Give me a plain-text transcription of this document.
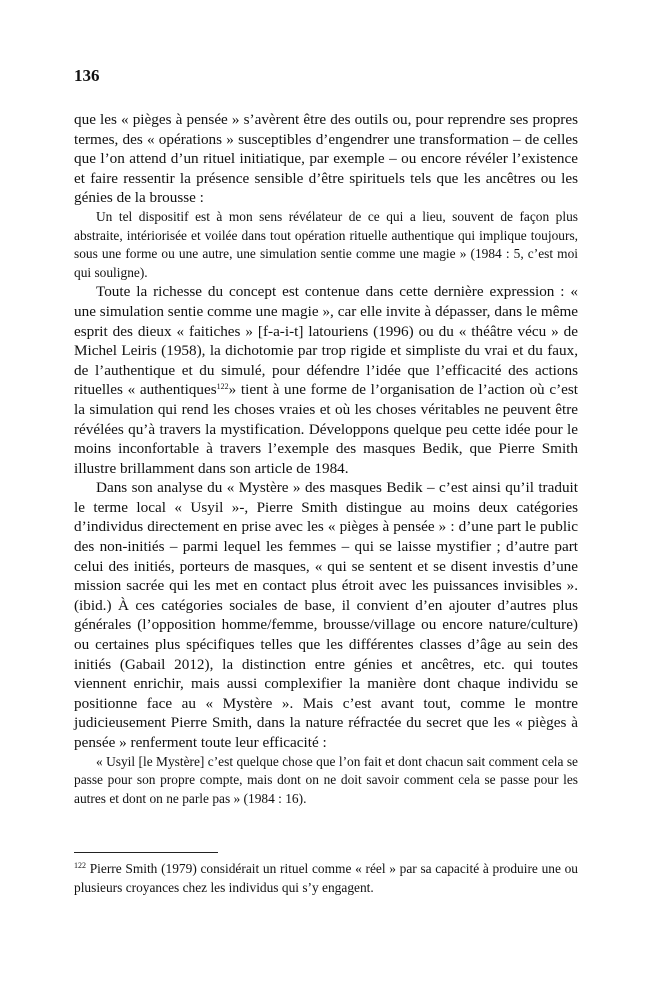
136

que les « pièges à pensée » s’avèrent être des outils ou, pour reprendre ses propres termes, des « opérations » susceptibles d’engendrer une transformation – de celles que l’on attend d’un rituel initiatique, par exemple – ou encore révéler l’existence et faire ressentir la présence sensible d’être spirituels tels que les ancêtres ou les génies de la brousse :

Un tel dispositif est à mon sens révélateur de ce qui a lieu, souvent de façon plus abstraite, intériorisée et voilée dans tout opération rituelle authentique qui implique toujours, sous une forme ou une autre, une simulation sentie comme une magie » (1984 : 5, c’est moi qui souligne).

Toute la richesse du concept est contenue dans cette dernière expression : « une simulation sentie comme une magie », car elle invite à dépasser, dans le même esprit des dieux « faitiches » [f-a-i-t] latouriens (1996) ou du « théâtre vécu » de Michel Leiris (1958), la dichotomie par trop rigide et simpliste du vrai et du faux, de l’authentique et du simulé, pour défendre l’idée que l’efficacité des actions rituelles « authentiques$^{122}$» tient à une forme de l’organisation de l’action où c’est la simulation qui rend les choses vraies et où les choses véritables ne peuvent être révélées qu’à travers la mystification. Développons quelque peu cette idée pour le moins inconfortable à travers l’exemple des masques Bedik, que Pierre Smith illustre brillamment dans son article de 1984.

Dans son analyse du « Mystère » des masques Bedik – c’est ainsi qu’il traduit le terme local « Usyil »-, Pierre Smith distingue au moins deux catégories d’individus directement en prise avec les « pièges à pensée » : d’une part le public des non-initiés – parmi lequel les femmes – qui se laisse mystifier ; d’autre part celui des initiés, porteurs de masques, « qui se sentent et se disent investis d’une mission sacrée qui les met en contact plus étroit avec les puissances invisibles ». (ibid.) À ces catégories sociales de base, il convient d’en ajouter d’autres plus générales (l’opposition homme/femme, brousse/village ou encore nature/culture) ou certaines plus spécifiques telles que les différentes classes d’âge au sein des initiés (Gabail 2012), la distinction entre génies et ancêtres, etc. qui toutes viennent enrichir, mais aussi complexifier la manière dont chaque individu se positionne face au « Mystère ». Mais c’est avant tout, comme le montre judicieusement Pierre Smith, dans la nature réfractée du secret que les « pièges à pensée » renferment toute leur efficacité :

« Usyil [le Mystère] c’est quelque chose que l’on fait et dont chacun sait comment cela se passe pour son propre compte, mais dont on ne doit savoir comment cela se passe pour les autres et dont on ne parle pas » (1984 : 16).

$^{122}$ Pierre Smith (1979) considérait un rituel comme « réel » par sa capacité à produire une ou plusieurs croyances chez les individus qui s’y engagent.
